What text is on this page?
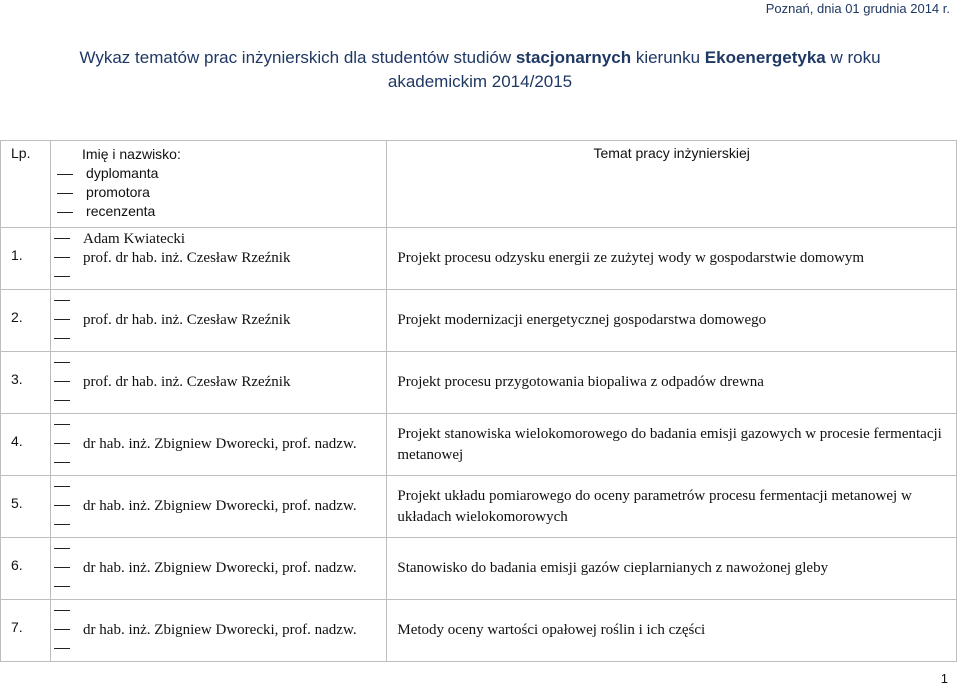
Poznań, dnia 01 grudnia 2014 r.
Wykaz tematów prac inżynierskich dla studentów studiów stacjonarnych kierunku Ekoenergetyka w roku akademickim 2014/2015
Lp.	Imię i nazwisko:
dyplomanta
promotora
recenzenta	Temat pracy inżynierskiej

1.	Adam Kwiatecki
prof. dr hab. inż. Czesław Rzeźnik	Projekt procesu odzysku energii ze zużytej wody w gospodarstwie domowym

2.	prof. dr hab. inż. Czesław Rzeźnik	Projekt modernizacji energetycznej gospodarstwa domowego

3.	prof. dr hab. inż. Czesław Rzeźnik	Projekt procesu przygotowania biopaliwa z odpadów drewna

4.	dr hab. inż. Zbigniew Dworecki, prof. nadzw.	Projekt stanowiska wielokomorowego do badania emisji gazowych w procesie fermentacji metanowej

5.	dr hab. inż. Zbigniew Dworecki, prof. nadzw.	Projekt układu pomiarowego do oceny parametrów procesu fermentacji metanowej w układach wielokomorowych

6.	dr hab. inż. Zbigniew Dworecki, prof. nadzw.	Stanowisko do badania emisji gazów cieplarnianych z nawożonej gleby

7.	dr hab. inż. Zbigniew Dworecki, prof. nadzw.	Metody oceny wartości opałowej roślin i ich części
1
